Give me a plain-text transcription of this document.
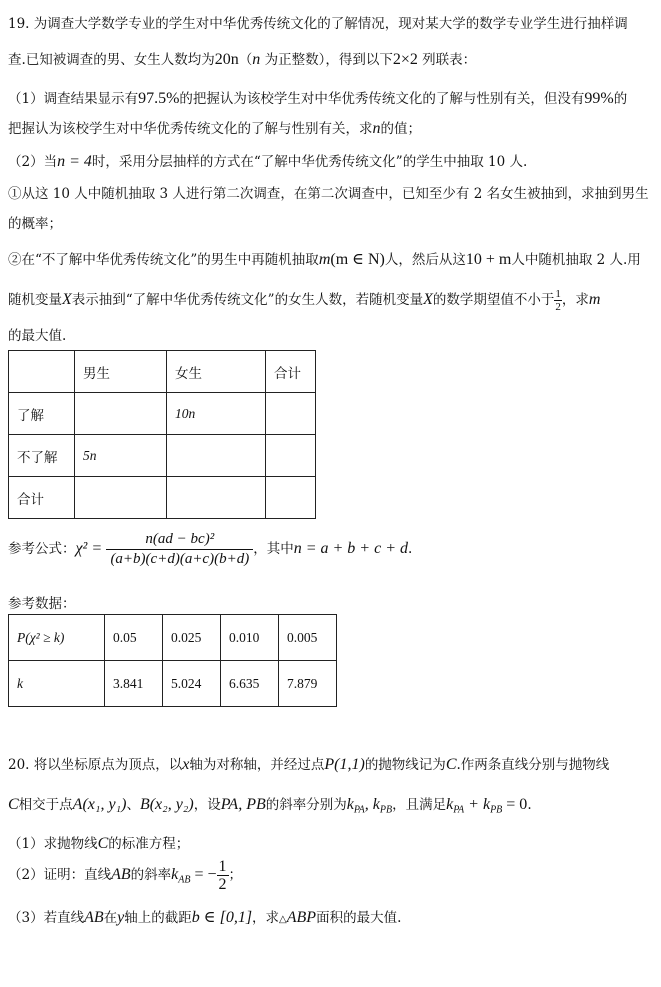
19. 为调查大学数学专业的学生对中华优秀传统文化的了解情况，现对某大学的数学专业学生进行抽样调
查.已知被调查的男、女生人数均为20n（n 为正整数），得到以下2×2 列联表：
（1）调查结果显示有97.5%的把握认为该校学生对中华优秀传统文化的了解与性别有关，但没有99%的
把握认为该校学生对中华优秀传统文化的了解与性别有关，求n的值；
（2）当n = 4时，采用分层抽样的方式在“了解中华优秀传统文化”的学生中抽取 10 人.
①从这 10 人中随机抽取 3 人进行第二次调查，在第二次调查中，已知至少有 2 名女生被抽到，求抽到男生
的概率；
②在“不了解中华优秀传统文化”的男生中再随机抽取m(m ∈ N)人，然后从这10 + m人中随机抽取 2 人.用
随机变量X表示抽到“了解中华优秀传统文化”的女生人数，若随机变量X的数学期望值不小于 $\frac{1}{2}$ ，求m
的最大值.
	男生	女生	合计
了解		10n	
不了解	5n		
合计			
参考公式：$\chi^2 = \frac{\text{n(ad − bc)²}}{(a+b)(c+d)(a+c)(b+d)}$ ，其中n = a + b + c + d.
参考数据：
P(χ² ≥ k)	0.05	0.025	0.010	0.005
k	3.841	5.024	6.635	7.879
20. 将以坐标原点为顶点，以x轴为对称轴，并经过点P(1,1)的抛物线记为C.作两条直线分别与抛物线
C相交于点A(x₁, y₁)、B(x₂, y₂)，设PA, PB的斜率分别为$k_{PA}$, $k_{PB}$，且满足$k_{PA} + k_{PB} = 0$.
（1）求抛物线C的标准方程；
（2）证明：直线AB的斜率$k_{AB}$ = − $\frac{1}{2}$ ；
（3）若直线AB在y轴上的截距b ∈ [0,1]，求△ABP面积的最大值.
